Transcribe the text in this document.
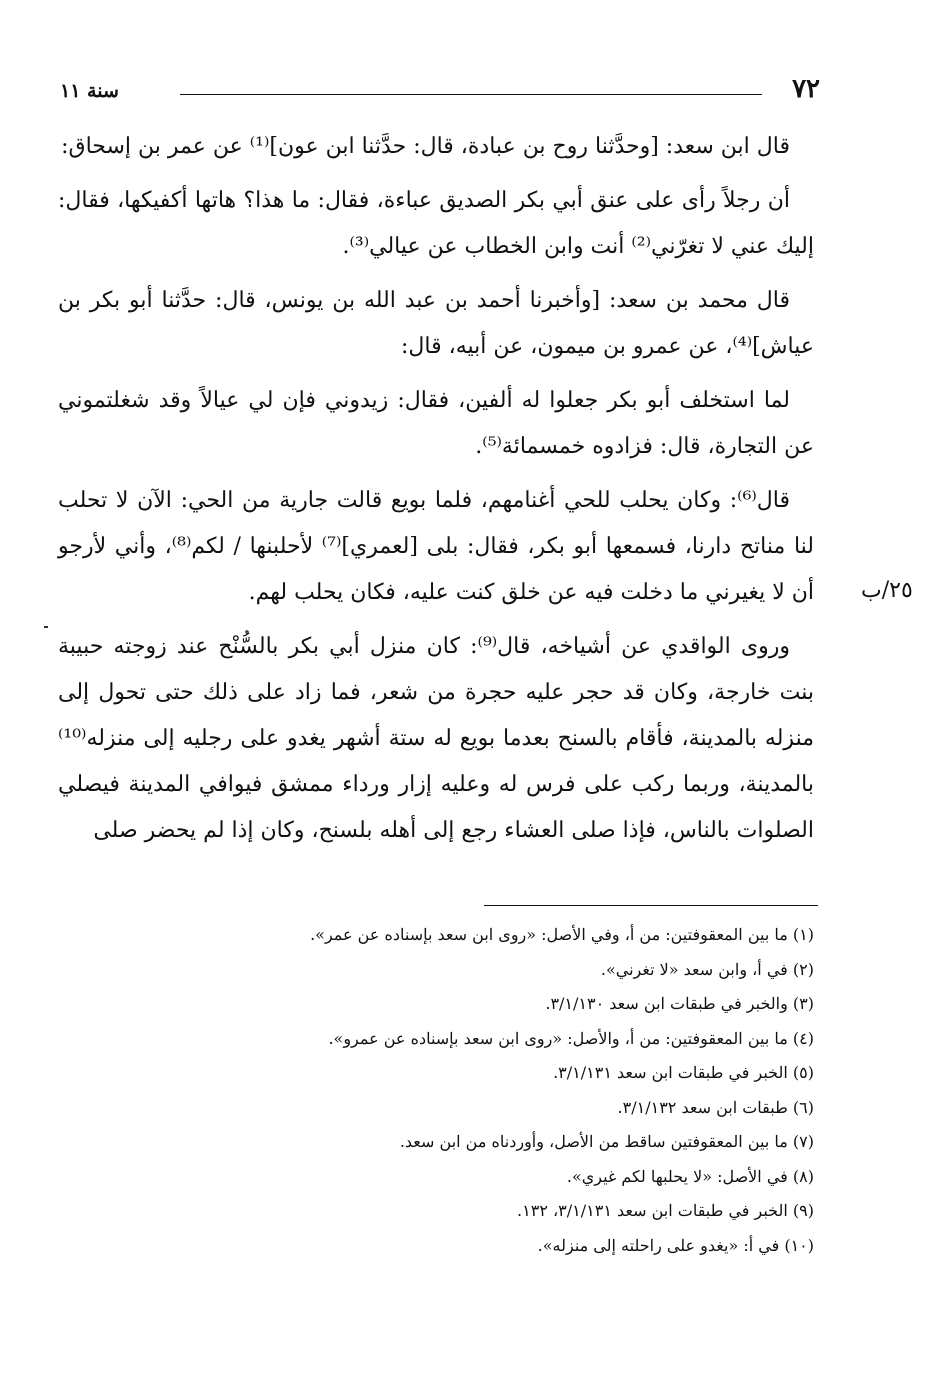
٧٢
سنة ١١

قال ابن سعد: [وحدَّثنا روح بن عبادة، قال: حدَّثنا ابن عون]⁽¹⁾ عن عمر بن إسحاق:

أن رجلاً رأى على عنق أبي بكر الصديق عباءة، فقال: ما هذا؟ هاتها أكفيكها، فقال: إليك عني لا تغرّني⁽²⁾ أنت وابن الخطاب عن عيالي⁽³⁾.

قال محمد بن سعد: [وأخبرنا أحمد بن عبد الله بن يونس، قال: حدَّثنا أبو بكر بن عياش]⁽⁴⁾، عن عمرو بن ميمون، عن أبيه، قال:

لما استخلف أبو بكر جعلوا له ألفين، فقال: زيدوني فإن لي عيالاً وقد شغلتموني عن التجارة، قال: فزادوه خمسمائة⁽⁵⁾.

قال⁽⁶⁾: وكان يحلب للحي أغنامهم، فلما بويع قالت جارية من الحي: الآن لا تحلب لنا مناتح دارنا، فسمعها أبو بكر، فقال: بلى [لعمري]⁽⁷⁾ لأحلبنها / لكم⁽⁸⁾، وأني لأرجو أن لا يغيرني ما دخلت فيه عن خلق كنت عليه، فكان يحلب لهم.

وروى الواقدي عن أشياخه، قال⁽⁹⁾: كان منزل أبي بكر بالسُّنْح عند زوجته حبيبة بنت خارجة، وكان قد حجر عليه حجرة من شعر، فما زاد على ذلك حتى تحول إلى منزله بالمدينة، فأقام بالسنح بعدما بويع له ستة أشهر يغدو على رجليه إلى منزله⁽¹⁰⁾ بالمدينة، وربما ركب على فرس له وعليه إزار ورداء ممشق فيوافي المدينة فيصلي الصلوات بالناس، فإذا صلى العشاء رجع إلى أهله بلسنح، وكان إذا لم يحضر صلى

٢٥/ب

(١) ما بين المعقوفتين: من أ، وفي الأصل: «روى ابن سعد بإسناده عن عمر».

(٢) في أ، وابن سعد «لا تغرني».

(٣) والخبر في طبقات ابن سعد ٣/١/١٣٠.

(٤) ما بين المعقوفتين: من أ، والأصل: «روى ابن سعد بإسناده عن عمرو».

(٥) الخبر في طبقات ابن سعد ٣/١/١٣١.

(٦) طبقات ابن سعد ٣/١/١٣٢.

(٧) ما بين المعقوفتين ساقط من الأصل، وأوردناه من ابن سعد.

(٨) في الأصل: «لا يحلبها لكم غيري».

(٩) الخبر في طبقات ابن سعد ٣/١/١٣١، ١٣٢.

(١٠) في أ: «يغدو على راحلته إلى منزله».
